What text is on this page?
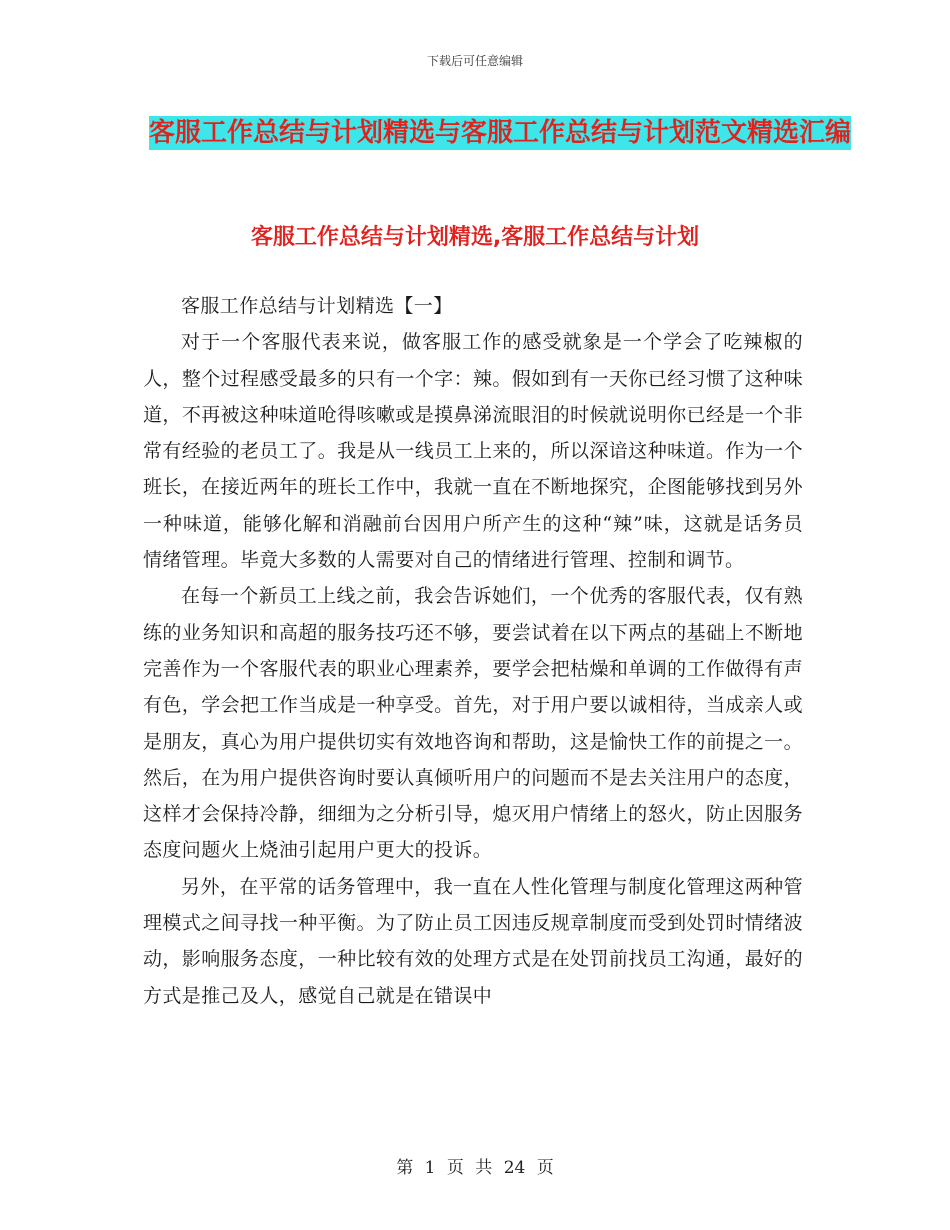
下载后可任意编辑
客服工作总结与计划精选与客服工作总结与计划范文精选汇编
客服工作总结与计划精选,客服工作总结与计划

客服工作总结与计划精选【一】

对于一个客服代表来说，做客服工作的感受就象是一个学会了吃辣椒的人，整个过程感受最多的只有一个字：辣。假如到有一天你已经习惯了这种味道，不再被这种味道呛得咳嗽或是摸鼻涕流眼泪的时候就说明你已经是一个非常有经验的老员工了。我是从一线员工上来的，所以深谙这种味道。作为一个班长，在接近两年的班长工作中，我就一直在不断地探究，企图能够找到另外一种味道，能够化解和消融前台因用户所产生的这种“辣”味，这就是话务员情绪管理。毕竟大多数的人需要对自己的情绪进行管理、控制和调节。

在每一个新员工上线之前，我会告诉她们，一个优秀的客服代表，仅有熟练的业务知识和高超的服务技巧还不够，要尝试着在以下两点的基础上不断地完善作为一个客服代表的职业心理素养，要学会把枯燥和单调的工作做得有声有色，学会把工作当成是一种享受。首先，对于用户要以诚相待，当成亲人或是朋友，真心为用户提供切实有效地咨询和帮助，这是愉快工作的前提之一。然后，在为用户提供咨询时要认真倾听用户的问题而不是去关注用户的态度，这样才会保持冷静，细细为之分析引导，熄灭用户情绪上的怒火，防止因服务态度问题火上烧油引起用户更大的投诉。

另外，在平常的话务管理中，我一直在人性化管理与制度化管理这两种管理模式之间寻找一种平衡。为了防止员工因违反规章制度而受到处罚时情绪波动，影响服务态度，一种比较有效的处理方式是在处罚前找员工沟通，最好的方式是推己及人，感觉自己就是在错误中

第 1 页 共 24 页
